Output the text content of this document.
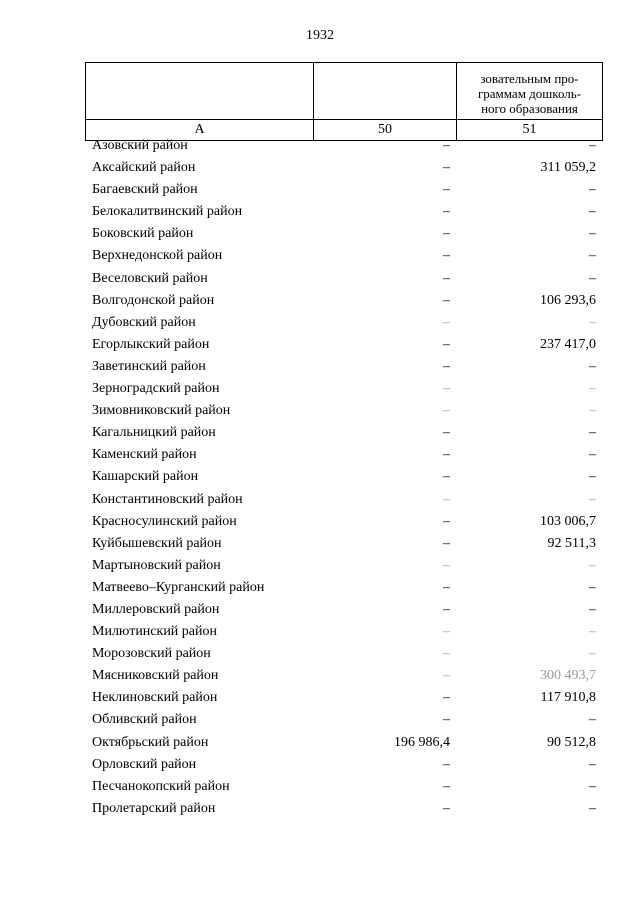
1932

		зовательным про-
граммам дошколь-
ного образования

А	50	51
Азовский район	–	–
Аксайский район	–	311 059,2
Багаевский район	–	–
Белокалитвинский район	–	–
Боковский район	–	–
Верхнедонской район	–	–
Веселовский район	–	–
Волгодонской район	–	106 293,6
Дубовский район	–	–
Егорлыкский район	–	237 417,0
Заветинский район	–	–
Зерноградский район	–	–
Зимовниковский район	–	–
Кагальницкий район	–	–
Каменский район	–	–
Кашарский район	–	–
Константиновский район	–	–
Красносулинский район	–	103 006,7
Куйбышевский район	–	92 511,3
Мартыновский район	–	–
Матвеево–Курганский район	–	–
Миллеровский район	–	–
Милютинский район	–	–
Морозовский район	–	–
Мясниковский район	–	300 493,7
Неклиновский район	–	117 910,8
Обливский район	–	–
Октябрьский район	196 986,4	90 512,8
Орловский район	–	–
Песчанокопский район	–	–
Пролетарский район	–	–
